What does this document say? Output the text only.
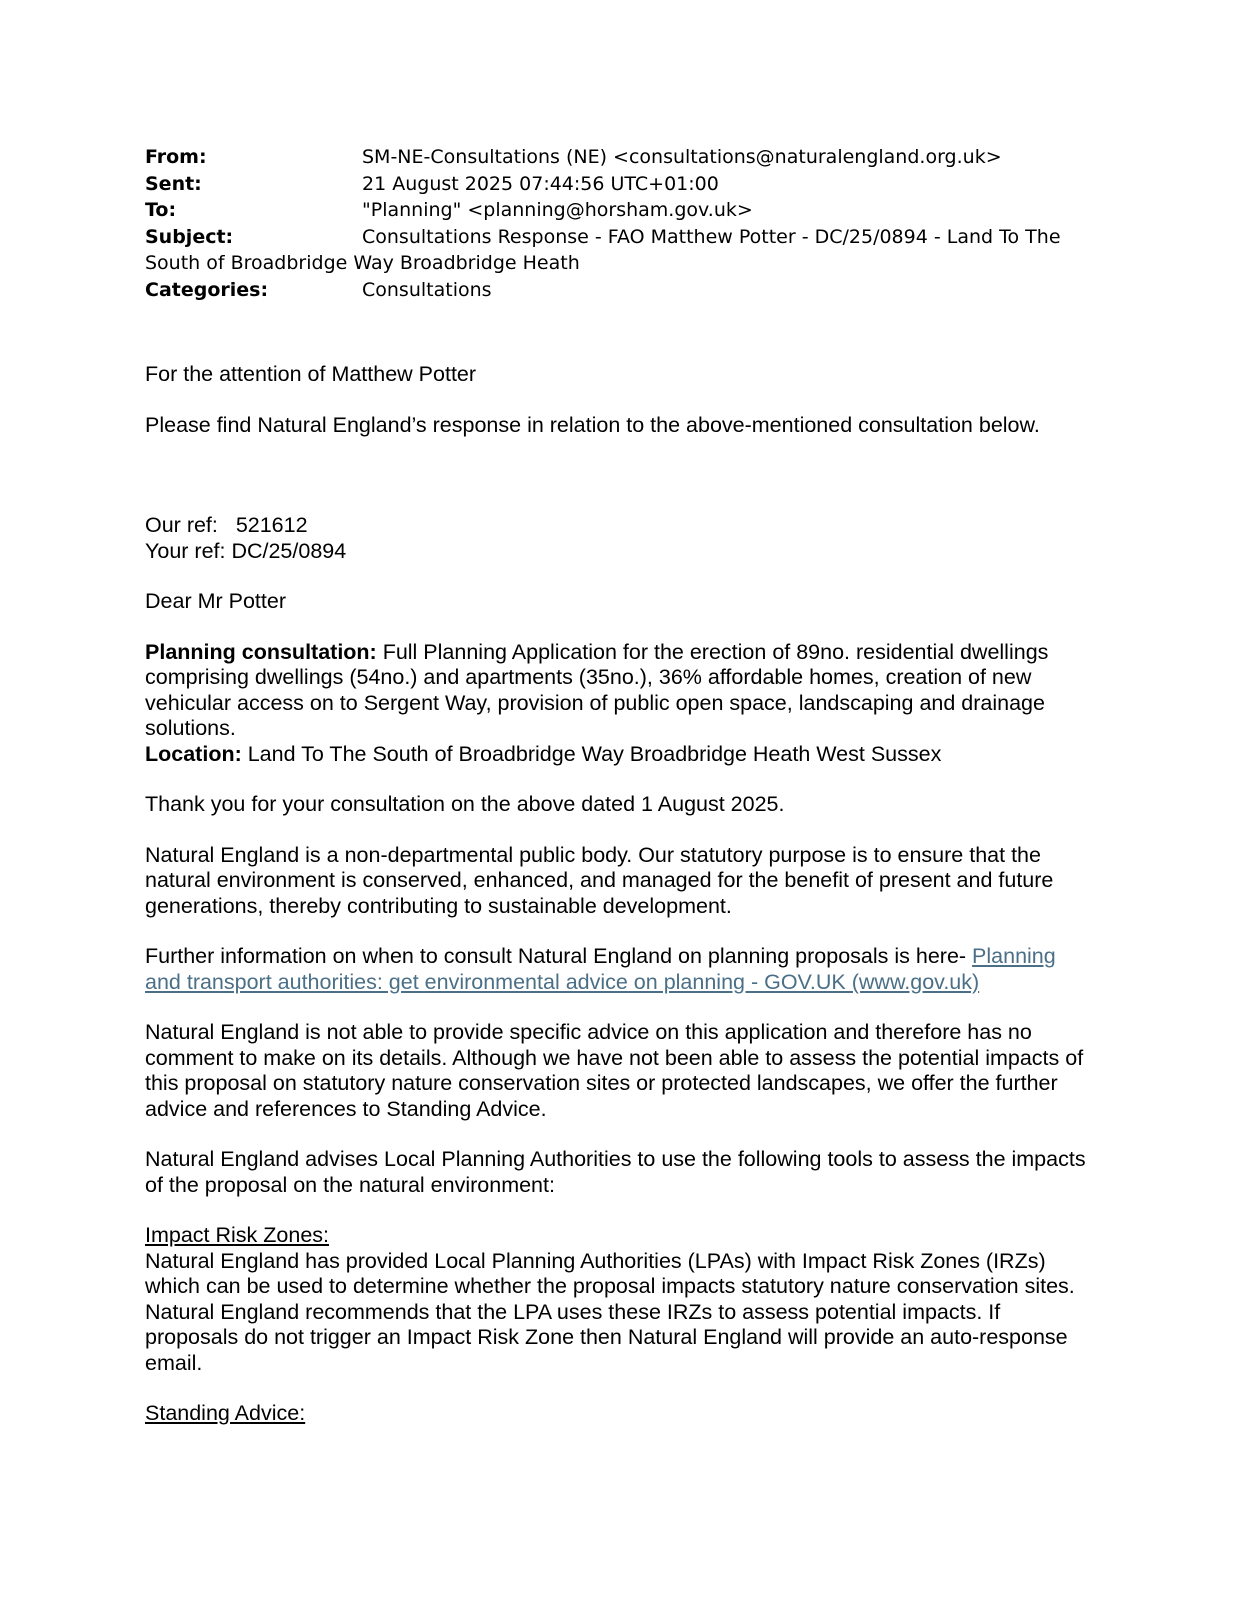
From:	SM-NE-Consultations (NE) <consultations@naturalengland.org.uk>
Sent:	21 August 2025 07:44:56 UTC+01:00
To:	"Planning" <planning@horsham.gov.uk>
Subject:	Consultations Response - FAO Matthew Potter - DC/25/0894 - Land To The
South of Broadbridge Way Broadbridge Heath
Categories:	Consultations

For the attention of Matthew Potter

Please find Natural England’s response in relation to the above-mentioned consultation below.

Our ref:   521612
Your ref: DC/25/0894

Dear Mr Potter

Planning consultation: Full Planning Application for the erection of 89no. residential dwellings comprising dwellings (54no.) and apartments (35no.), 36% affordable homes, creation of new vehicular access on to Sergent Way, provision of public open space, landscaping and drainage solutions.

Location: Land To The South of Broadbridge Way Broadbridge Heath West Sussex

Thank you for your consultation on the above dated 1 August 2025.

Natural England is a non-departmental public body. Our statutory purpose is to ensure that the natural environment is conserved, enhanced, and managed for the benefit of present and future generations, thereby contributing to sustainable development.

Further information on when to consult Natural England on planning proposals is here- Planning and transport authorities: get environmental advice on planning - GOV.UK (www.gov.uk)

Natural England is not able to provide specific advice on this application and therefore has no comment to make on its details. Although we have not been able to assess the potential impacts of this proposal on statutory nature conservation sites or protected landscapes, we offer the further advice and references to Standing Advice.

Natural England advises Local Planning Authorities to use the following tools to assess the impacts of the proposal on the natural environment:

Impact Risk Zones:

Natural England has provided Local Planning Authorities (LPAs) with Impact Risk Zones (IRZs) which can be used to determine whether the proposal impacts statutory nature conservation sites. Natural England recommends that the LPA uses these IRZs to assess potential impacts. If proposals do not trigger an Impact Risk Zone then Natural England will provide an auto-response email.

Standing Advice:
